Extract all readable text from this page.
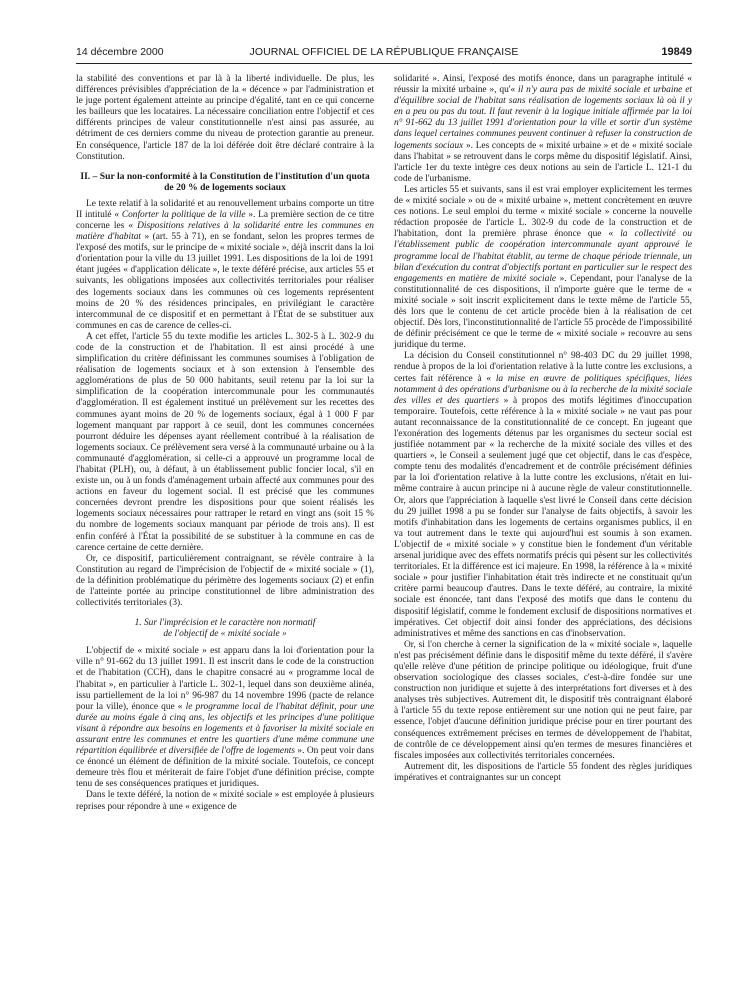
14 décembre 2000	JOURNAL OFFICIEL DE LA RÉPUBLIQUE FRANÇAISE	19849

la stabilité des conventions et par là à la liberté individuelle. De plus, les différences prévisibles d'appréciation de la « décence » par l'administration et le juge portent également atteinte au principe d'égalité, tant en ce qui concerne les bailleurs que les locataires. La nécessaire conciliation entre l'objectif et ces différents principes de valeur constitutionnelle n'est ainsi pas assurée, au détriment de ces derniers comme du niveau de protection garantie au preneur. En conséquence, l'article 187 de la loi déférée doit être déclaré contraire à la Constitution.

II. – Sur la non-conformité à la Constitution de l'institution d'un quota de 20 % de logements sociaux

Le texte relatif à la solidarité et au renouvellement urbains comporte un titre II intitulé « Conforter la politique de la ville ». La première section de ce titre concerne les « Dispositions relatives à la solidarité entre les communes en matière d'habitat » (art. 55 à 71), en se fondant, selon les propres termes de l'exposé des motifs, sur le principe de « mixité sociale », déjà inscrit dans la loi d'orientation pour la ville du 13 juillet 1991. Les dispositions de la loi de 1991 étant jugées « d'application délicate », le texte déféré précise, aux articles 55 et suivants, les obligations imposées aux collectivités territoriales pour réaliser des logements sociaux dans les communes où ces logements représentent moins de 20 % des résidences principales, en privilégiant le caractère intercommunal de ce dispositif et en permettant à l'État de se substituer aux communes en cas de carence de celles-ci.

A cet effet, l'article 55 du texte modifie les articles L. 302-5 à L. 302-9 du code de la construction et de l'habitation. Il est ainsi procédé à une simplification du critère définissant les communes soumises à l'obligation de réalisation de logements sociaux et à son extension à l'ensemble des agglomérations de plus de 50 000 habitants, seuil retenu par la loi sur la simplification de la coopération intercommunale pour les communautés d'agglomération. Il est également institué un prélèvement sur les recettes des communes ayant moins de 20 % de logements sociaux, égal à 1 000 F par logement manquant par rapport à ce seuil, dont les communes concernées pourront déduire les dépenses ayant réellement contribué à la réalisation de logements sociaux. Ce prélèvement sera versé à la communauté urbaine ou à la communauté d'agglomération, si celle-ci a approuvé un programme local de l'habitat (PLH), ou, à défaut, à un établissement public foncier local, s'il en existe un, ou à un fonds d'aménagement urbain affecté aux communes pour des actions en faveur du logement social. Il est précisé que les communes concernées devront prendre les dispositions pour que soient réalisés les logements sociaux nécessaires pour rattraper le retard en vingt ans (soit 15 % du nombre de logements sociaux manquant par période de trois ans). Il est enfin conféré à l'État la possibilité de se substituer à la commune en cas de carence certaine de cette dernière.

Or, ce dispositif, particulièrement contraignant, se révèle contraire à la Constitution au regard de l'imprécision de l'objectif de « mixité sociale » (1), de la définition problématique du périmètre des logements sociaux (2) et enfin de l'atteinte portée au principe constitutionnel de libre administration des collectivités territoriales (3).

1. Sur l'imprécision et le caractère non normatif
de l'objectif de « mixité sociale »

L'objectif de « mixité sociale » est apparu dans la loi d'orientation pour la ville n° 91-662 du 13 juillet 1991. Il est inscrit dans le code de la construction et de l'habitation (CCH), dans le chapitre consacré au « programme local de l'habitat », en particulier à l'article L. 302-1, lequel dans son deuxième alinéa, issu partiellement de la loi n° 96-987 du 14 novembre 1996 (pacte de relance pour la ville), énonce que « le programme local de l'habitat définit, pour une durée au moins égale à cinq ans, les objectifs et les principes d'une politique visant à répondre aux besoins en logements et à favoriser la mixité sociale en assurant entre les communes et entre les quartiers d'une même commune une répartition équilibrée et diversifiée de l'offre de logements ». On peut voir dans ce énoncé un élément de définition de la mixité sociale. Toutefois, ce concept demeure très flou et mériterait de faire l'objet d'une définition précise, compte tenu de ses conséquences pratiques et juridiques.

Dans le texte déféré, la notion de « mixité sociale » est employée à plusieurs reprises pour répondre à une « exigence de

solidarité ». Ainsi, l'exposé des motifs énonce, dans un paragraphe intitulé « réussir la mixité urbaine », qu'« il n'y aura pas de mixité sociale et urbaine et d'équilibre social de l'habitat sans réalisation de logements sociaux là où il y en a peu ou pas du tout. Il faut revenir à la logique initiale affirmée par la loi n° 91-662 du 13 juillet 1991 d'orientation pour la ville et sortir d'un système dans lequel certaines communes peuvent continuer à refuser la construction de logements sociaux ». Les concepts de « mixité urbaine » et de « mixité sociale dans l'habitat » se retrouvent dans le corps même du dispositif législatif. Ainsi, l'article 1er du texte intègre ces deux notions au sein de l'article L. 121-1 du code de l'urbanisme.

Les articles 55 et suivants, sans il est vrai employer explicitement les termes de « mixité sociale » ou de « mixité urbaine », mettent concrètement en œuvre ces notions. Le seul emploi du terme « mixité sociale » concerne la nouvelle rédaction proposée de l'article L. 302-9 du code de la construction et de l'habitation, dont la première phrase énonce que « la collectivité ou l'établissement public de coopération intercommunale ayant approuvé le programme local de l'habitat établit, au terme de chaque période triennale, un bilan d'exécution du contrat d'objectifs portant en particulier sur le respect des engagements en matière de mixité sociale ». Cependant, pour l'analyse de la constitutionnalité de ces dispositions, il n'importe guère que le terme de « mixité sociale » soit inscrit explicitement dans le texte même de l'article 55, dès lors que le contenu de cet article procède bien à la réalisation de cet objectif. Dès lors, l'inconstitutionnalité de l'article 55 procède de l'impossibilité de définir précisément ce que le terme de « mixité sociale » recouvre au sens juridique du terme.

La décision du Conseil constitutionnel n° 98-403 DC du 29 juillet 1998, rendue à propos de la loi d'orientation relative à la lutte contre les exclusions, a certes fait référence à « la mise en œuvre de politiques spécifiques, liées notamment à des opérations d'urbanisme ou à la recherche de la mixité sociale des villes et des quartiers » à propos des motifs légitimes d'inoccupation temporaire. Toutefois, cette référence à la « mixité sociale » ne vaut pas pour autant reconnaissance de la constitutionnalité de ce concept. En jugeant que l'exonération des logements détenus par les organismes du secteur social est justifiée notamment par « la recherche de la mixité sociale des villes et des quartiers », le Conseil a seulement jugé que cet objectif, dans le cas d'espèce, compte tenu des modalités d'encadrement et de contrôle précisément définies par la loi d'orientation relative à la lutte contre les exclusions, n'était en lui-même contraire à aucun principe ni à aucune règle de valeur constitutionnelle. Or, alors que l'appréciation à laquelle s'est livré le Conseil dans cette décision du 29 juillet 1998 a pu se fonder sur l'analyse de faits objectifs, à savoir les motifs d'inhabitation dans les logements de certains organismes publics, il en va tout autrement dans le texte qui aujourd'hui est soumis à son examen. L'objectif de « mixité sociale » y constitue bien le fondement d'un véritable arsenal juridique avec des effets normatifs précis qui pèsent sur les collectivités territoriales. Et la différence est ici majeure. En 1998, la référence à la « mixité sociale » pour justifier l'inhabitation était très indirecte et ne constituait qu'un critère parmi beaucoup d'autres. Dans le texte déféré, au contraire, la mixité sociale est énoncée, tant dans l'exposé des motifs que dans le contenu du dispositif législatif, comme le fondement exclusif de dispositions normatives et impératives. Cet objectif doit ainsi fonder des appréciations, des décisions administratives et même des sanctions en cas d'inobservation.

Or, si l'on cherche à cerner la signification de la « mixité sociale », laquelle n'est pas précisément définie dans le dispositif même du texte déféré, il s'avère qu'elle relève d'une pétition de principe politique ou idéologique, fruit d'une observation sociologique des classes sociales, c'est-à-dire fondée sur une construction non juridique et sujette à des interprétations fort diverses et à des analyses très subjectives. Autrement dit, le dispositif très contraignant élaboré à l'article 55 du texte repose entièrement sur une notion qui ne peut faire, par essence, l'objet d'aucune définition juridique précise pour en tirer pourtant des conséquences extrêmement précises en termes de développement de l'habitat, de contrôle de ce développement ainsi qu'en termes de mesures financières et fiscales imposées aux collectivités territoriales concernées.

Autrement dit, les dispositions de l'article 55 fondent des règles juridiques impératives et contraignantes sur un concept
